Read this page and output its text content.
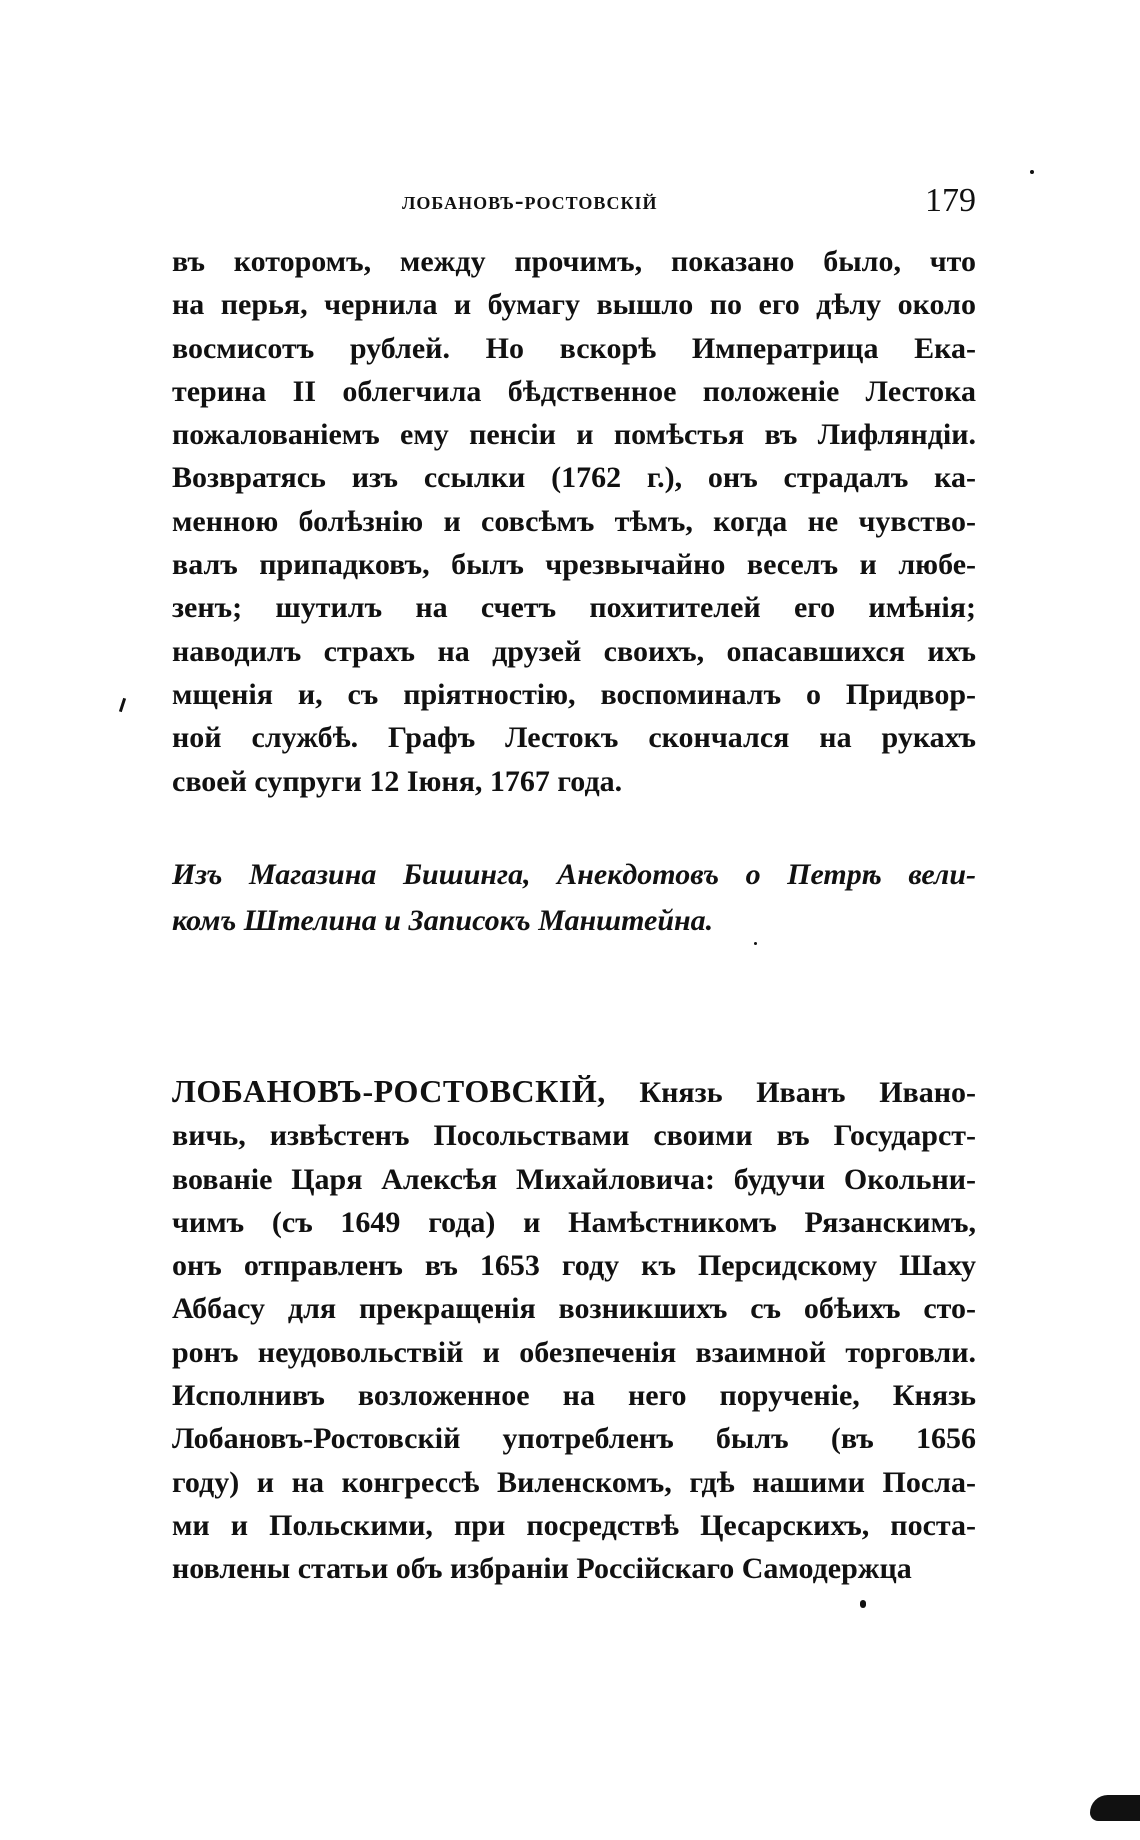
лобановъ-ростовскій	179
въ которомъ, между прочимъ, показано было, что
на перья, чернила и бумагу вышло по его дѣлу около
восмисотъ рублей. Но вскорѣ Императрица Ека-
терина II облегчила бѣдственное положеніе Лестока
пожалованіемъ ему пенсіи и помѣстья въ Лифляндіи.
Возвратясь изъ ссылки (1762 г.), онъ страдалъ ка-
менною болѣзнію и совсѣмъ тѣмъ, когда не чувство-
валъ припадковъ, былъ чрезвычайно веселъ и любе-
зенъ; шутилъ на счетъ похитителей его имѣнія;
наводилъ страхъ на друзей своихъ, опасавшихся ихъ
мщенія и, съ пріятностію, воспоминалъ о Придвор-
ной службѣ. Графъ Лестокъ скончался на рукахъ
своей супруги 12 Іюня, 1767 года.
Изъ Магазина Бишинга, Анекдотовъ о Петрѣ вели-
комъ Штелина и Записокъ Манштейна.
ЛОБАНОВЪ-РОСТОВСКІЙ, Князь Иванъ Ивано-
вичь, извѣстенъ Посольствами своими въ Государст-
вованіе Царя Алексѣя Михайловича: будучи Окольни-
чимъ (съ 1649 года) и Намѣстникомъ Рязанскимъ,
онъ отправленъ въ 1653 году къ Персидскому Шаху
Аббасу для прекращенія возникшихъ съ обѣихъ сто-
ронъ неудовольствій и обезпеченія взаимной торговли.
Исполнивъ возложенное на него порученіе, Князь
Лобановъ-Ростовскій употребленъ былъ (въ 1656
году) и на конгрессѣ Виленскомъ, гдѣ нашими Посла-
ми и Польскими, при посредствѣ Цесарскихъ, поста-
новлены статьи объ избраніи Россійскаго Самодержца
